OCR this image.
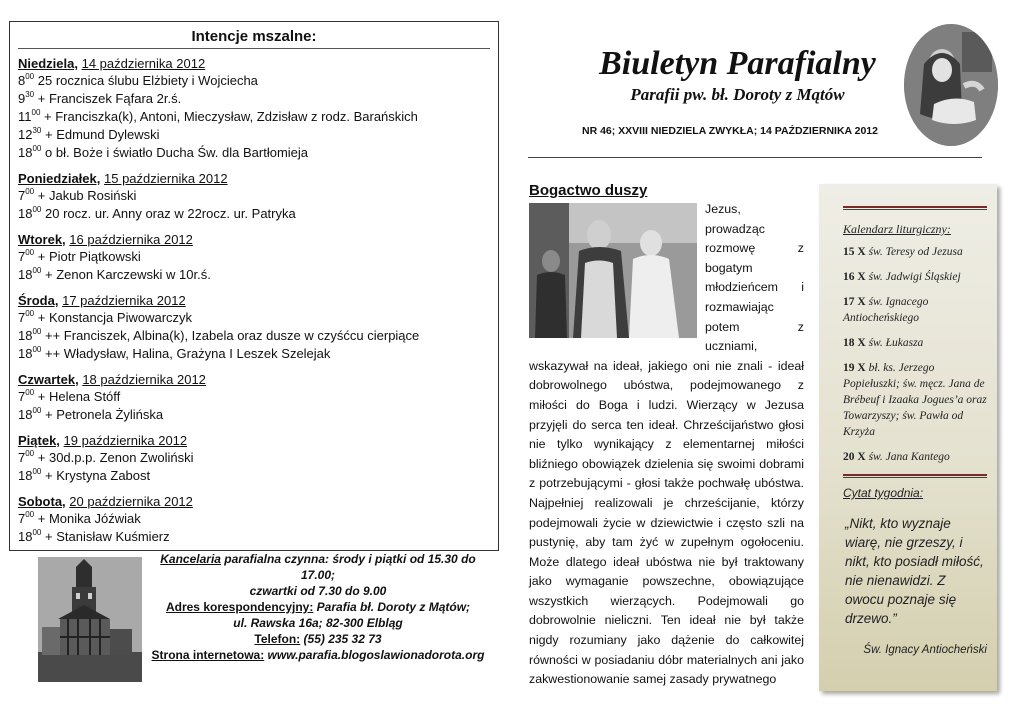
Intencje mszalne:
Niedziela, 14 października 2012
$8^{00}$ 25 rocznica ślubu Elżbiety i Wojciecha
$9^{30}$ + Franciszek Fąfara 2r.ś.
$11^{00}$ + Franciszka(k), Antoni, Mieczysław, Zdzisław z rodz. Barańskich
$12^{30}$ + Edmund Dylewski
$18^{00}$ o bł. Boże i światło Ducha Św. dla Bartłomieja
Poniedziałek, 15 października 2012
$7^{00}$ + Jakub Rosiński
$18^{00}$ 20 rocz. ur. Anny oraz w 22rocz. ur. Patryka
Wtorek, 16 października 2012
$7^{00}$ + Piotr Piątkowski
$18^{00}$ + Zenon Karczewski w 10r.ś.
Środa, 17 października 2012
$7^{00}$ + Konstancja Piwowarczyk
$18^{00}$ ++ Franciszek, Albina(k), Izabela oraz dusze w czyśćcu cierpiące
$18^{00}$ ++ Władysław, Halina, Grażyna I Leszek Szelejak
Czwartek, 18 października 2012
$7^{00}$ + Helena Stóff
$18^{00}$ + Petronela Żylińska
Piątek, 19 października 2012
$7^{00} + 30d.p.p$. Zenon Zwoliński
$18^{00}$ + Krystyna Zabost
Sobota, 20 października 2012
$7^{00}$ + Monika Jóźwiak
$18^{00}$ + Stanisław Kuśmierz
Kancelaria parafialna czynna: środy i piątki od 15.30 do 17.00;
czwartki od 7.30 do 9.00
Adres korespondencyjny: Parafia bł. Doroty z Mątów;
ul. Rawska 16a; 82-300 Elbląg
Telefon: (55) 235 32 73
Strona internetowa: www.parafia.blogoslawionadorota.org
Biuletyn Parafialny
Parafii pw. bł. Doroty z Mątów
NR 46; XXVIII NIEDZIELA ZWYKŁA; 14 PAŹDZIERNIKA 2012
Bogactwo duszy
Jezus, prowadząc rozmowę z bogatym młodzieńcem i rozmawiając potem z uczniami, wskazywał na ideał, jakiego oni nie znali - ideał dobrowolnego ubóstwa, podejmowanego z miłości do Boga i ludzi. Wierzący w Jezusa przyjęli do serca ten ideał. Chrześcijaństwo głosi nie tylko wynikający z elementarnej miłości bliźniego obowiązek dzielenia się swoimi dobrami z potrzebującymi - głosi także pochwałę ubóstwa. Najpełniej realizowali je chrześcijanie, którzy podejmowali życie w dziewictwie i często szli na pustynię, aby tam żyć w zupełnym ogołoceniu. Może dlatego ideał ubóstwa nie był traktowany jako wymaganie powszechne, obowiązujące wszystkich wierzących. Podejmowali go dobrowolnie nieliczni. Ten ideał nie był także nigdy rozumiany jako dążenie do całkowitej równości w posiadaniu dóbr materialnych ani jako zakwestionowanie samej zasady prywatnego
Kalendarz liturgiczny:
15 X św. Teresy od Jezusa
16 X św. Jadwigi Śląskiej
17 X św. Ignacego Antiocheńskiego
18 X św. Łukasza
19 X bł. ks. Jerzego Popiełuszki; św. męcz. Jana de Brébeuf i Izaaka Jogues’a oraz Towarzyszy; św. Pawła od Krzyża
20 X św. Jana Kantego
Cytat tygodnia:
„Nikt, kto wyznaje wiarę, nie grzeszy, i nikt, kto posiadł miłość, nie nienawidzi. Z owocu poznaje się drzewo.”
Św. Ignacy Antiocheński
